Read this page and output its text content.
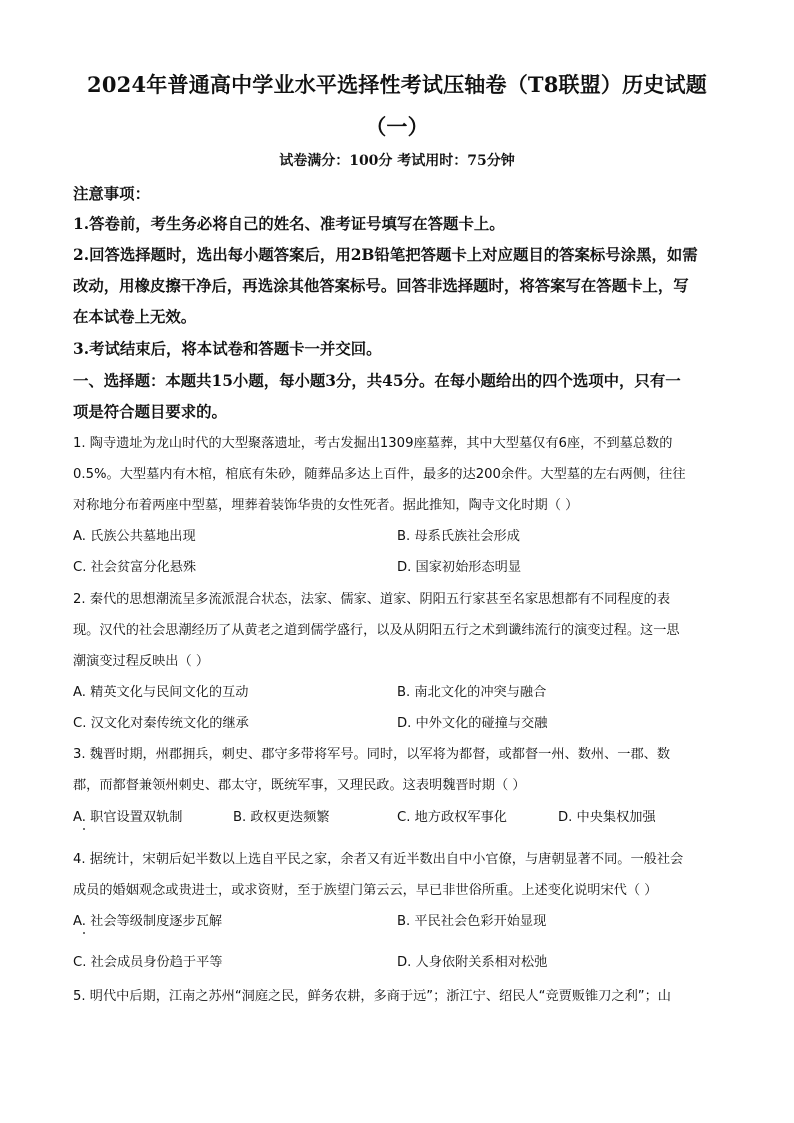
2024年普通高中学业水平选择性考试压轴卷（T8联盟）历史试题
（一）
试卷满分：100分 考试用时：75分钟
注意事项：
1.答卷前，考生务必将自己的姓名、准考证号填写在答题卡上。
2.回答选择题时，选出每小题答案后，用2B铅笔把答题卡上对应题目的答案标号涂黑，如需
改动，用橡皮擦干净后，再选涂其他答案标号。回答非选择题时，将答案写在答题卡上，写
在本试卷上无效。
3.考试结束后，将本试卷和答题卡一并交回。
一、选择题：本题共15小题，每小题3分，共45分。在每小题给出的四个选项中，只有一
项是符合题目要求的。
1. 陶寺遗址为龙山时代的大型聚落遗址，考古发掘出1309座墓葬，其中大型墓仅有6座，不到墓总数的
0.5%。大型墓内有木棺，棺底有朱砂，随葬品多达上百件，最多的达200余件。大型墓的左右两侧，往往
对称地分布着两座中型墓，埋葬着装饰华贵的女性死者。据此推知，陶寺文化时期（ ）
A. 氏族公共墓地出现	B. 母系氏族社会形成
C. 社会贫富分化悬殊	D. 国家初始形态明显
2. 秦代的思想潮流呈多流派混合状态，法家、儒家、道家、阴阳五行家甚至名家思想都有不同程度的表
现。汉代的社会思潮经历了从黄老之道到儒学盛行，以及从阴阳五行之术到谶纬流行的演变过程。这一思
潮演变过程反映出（ ）
A. 精英文化与民间文化的互动	B. 南北文化的冲突与融合
C. 汉文化对秦传统文化的继承	D. 中外文化的碰撞与交融
3. 魏晋时期，州郡拥兵，刺史、郡守多带将军号。同时，以军将为都督，或都督一州、数州、一郡、数
郡，而都督兼领州刺史、郡太守，既统军事，又理民政。这表明魏晋时期（ ）
A. 职官设置双轨制	B. 政权更迭频繁	C. 地方政权军事化	D. 中央集权加强
4. 据统计，宋朝后妃半数以上选自平民之家，余者又有近半数出自中小官僚，与唐朝显著不同。一般社会
成员的婚姻观念或贵进士，或求资财，至于族望门第云云，早已非世俗所重。上述变化说明宋代（ ）
A. 社会等级制度逐步瓦解	B. 平民社会色彩开始显现
C. 社会成员身份趋于平等	D. 人身依附关系相对松弛
5. 明代中后期，江南之苏州“洞庭之民，鲜务农耕，多商于远”；浙江宁、绍民人“竞贾贩锥刀之利”；山
